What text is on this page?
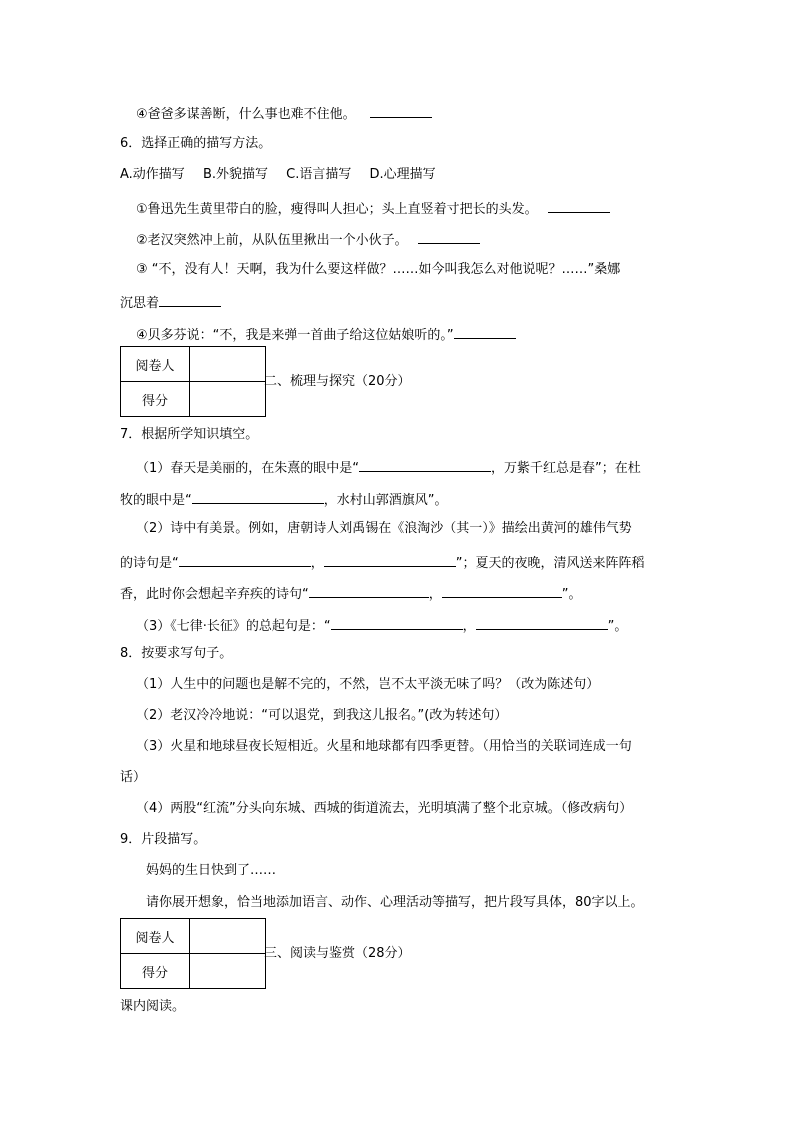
④爸爸多谋善断，什么事也难不住他。
6．选择正确的描写方法。
A.动作描写 B.外貌描写 C.语言描写 D.心理描写
①鲁迅先生黄里带白的脸，瘦得叫人担心；头上直竖着寸把长的头发。
②老汉突然冲上前，从队伍里揪出一个小伙子。
③ “不，没有人！天啊，我为什么要这样做？……如今叫我怎么对他说呢？……”桑娜
沉思着
④贝多芬说：“不，我是来弹一首曲子给这位姑娘听的。”
阅卷人	
得分	
二、梳理与探究（20分）
7．根据所学知识填空。
（1）春天是美丽的，在朱熹的眼中是“	，万紫千红总是春”；在杜
牧的眼中是“	，水村山郭酒旗风”。
（2）诗中有美景。例如，唐朝诗人刘禹锡在《浪淘沙（其一）》描绘出黄河的雄伟气势
的诗句是“	，	”；夏天的夜晚，清风送来阵阵稻
香，此时你会想起辛弃疾的诗句“	，	”。
（3）《七律·长征》的总起句是：“	，	”。
8．按要求写句子。
（1）人生中的问题也是解不完的，不然，岂不太平淡无味了吗？（改为陈述句）
（2）老汉冷冷地说：“可以退党，到我这儿报名。”(改为转述句）
（3）火星和地球昼夜长短相近。火星和地球都有四季更替。（用恰当的关联词连成一句
话）
（4）两股“红流”分头向东城、西城的街道流去，光明填满了整个北京城。（修改病句）
9．片段描写。
妈妈的生日快到了……
请你展开想象，恰当地添加语言、动作、心理活动等描写，把片段写具体，80字以上。
阅卷人	
得分	
三、阅读与鉴赏（28分）
课内阅读。
